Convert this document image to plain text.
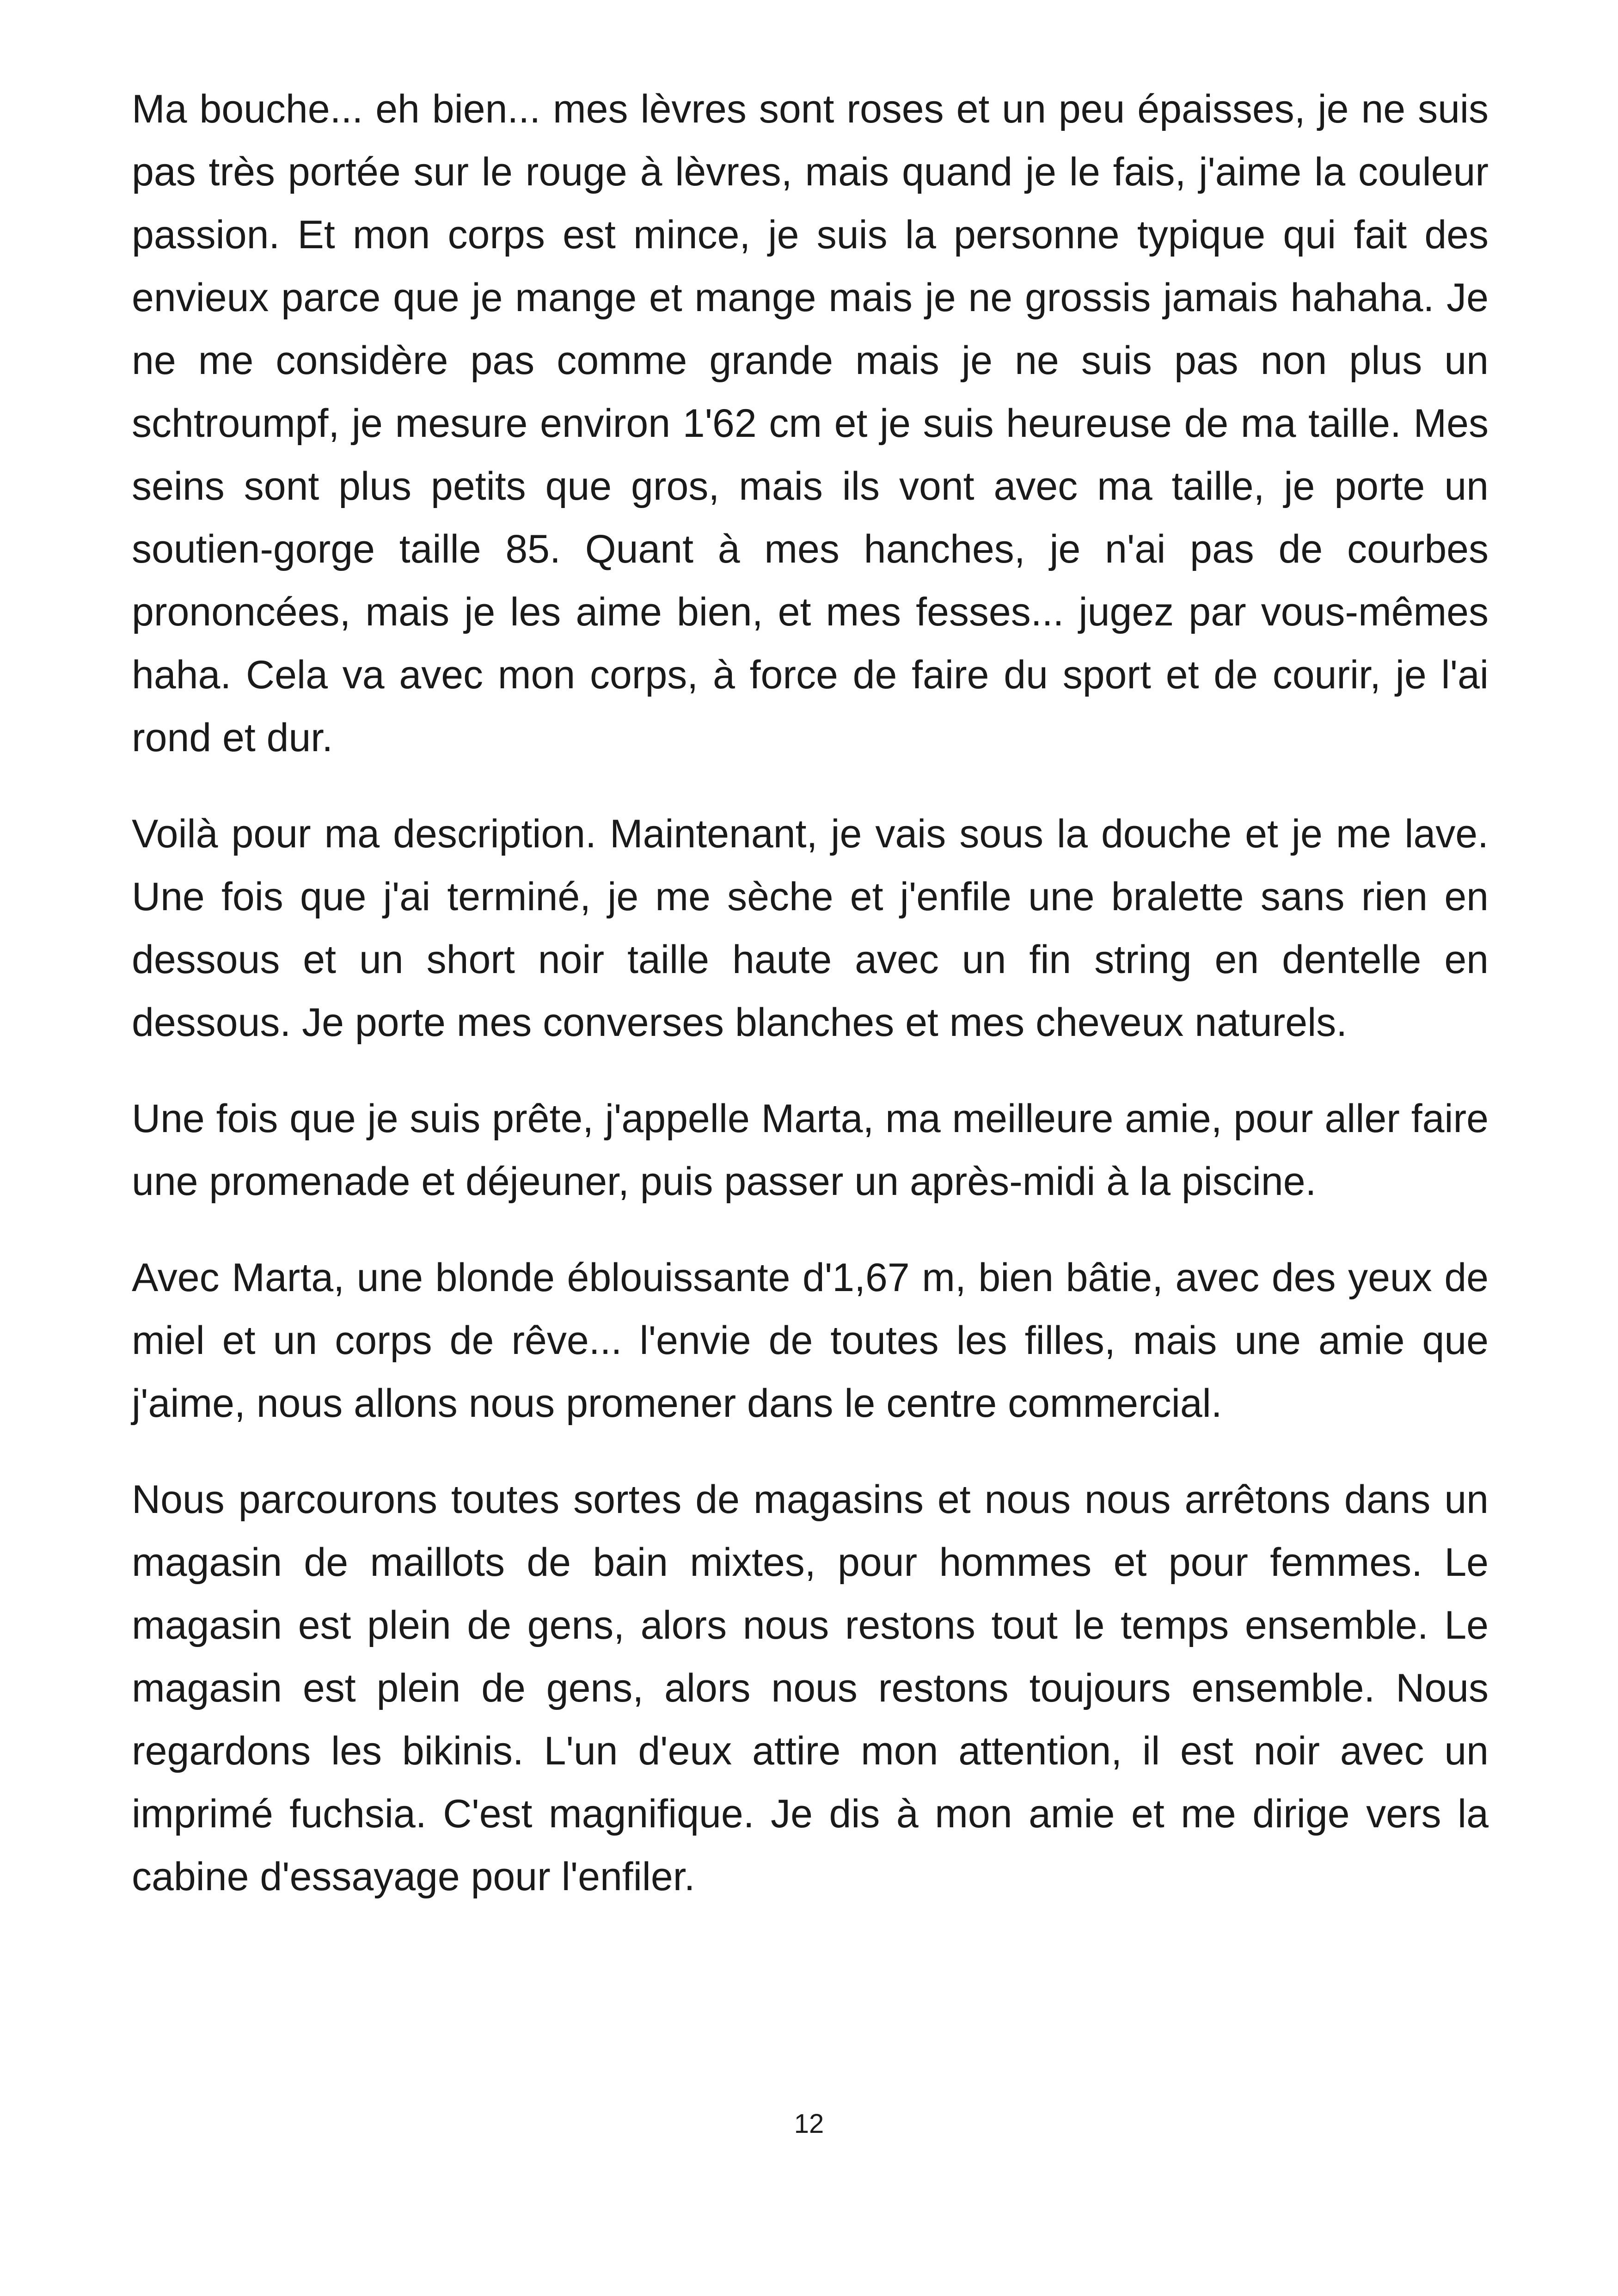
Ma bouche... eh bien... mes lèvres sont roses et un peu épaisses, je ne suis pas très portée sur le rouge à lèvres, mais quand je le fais, j'aime la couleur passion. Et mon corps est mince, je suis la personne typique qui fait des envieux parce que je mange et mange mais je ne grossis jamais hahaha. Je ne me considère pas comme grande mais je ne suis pas non plus un schtroumpf, je mesure environ 1'62 cm et je suis heureuse de ma taille. Mes seins sont plus petits que gros, mais ils vont avec ma taille, je porte un soutien-gorge taille 85. Quant à mes hanches, je n'ai pas de courbes prononcées, mais je les aime bien, et mes fesses... jugez par vous-mêmes haha. Cela va avec mon corps, à force de faire du sport et de courir, je l'ai rond et dur.

Voilà pour ma description. Maintenant, je vais sous la douche et je me lave. Une fois que j'ai terminé, je me sèche et j'enfile une bralette sans rien en dessous et un short noir taille haute avec un fin string en dentelle en dessous. Je porte mes converses blanches et mes cheveux naturels.

Une fois que je suis prête, j'appelle Marta, ma meilleure amie, pour aller faire une promenade et déjeuner, puis passer un après-midi à la piscine.

Avec Marta, une blonde éblouissante d'1,67 m, bien bâtie, avec des yeux de miel et un corps de rêve... l'envie de toutes les filles, mais une amie que j'aime, nous allons nous promener dans le centre commercial.

Nous parcourons toutes sortes de magasins et nous nous arrêtons dans un magasin de maillots de bain mixtes, pour hommes et pour femmes. Le magasin est plein de gens, alors nous restons tout le temps ensemble. Le magasin est plein de gens, alors nous restons toujours ensemble. Nous regardons les bikinis. L'un d'eux attire mon attention, il est noir avec un imprimé fuchsia. C'est magnifique. Je dis à mon amie et me dirige vers la cabine d'essayage pour l'enfiler.

12
